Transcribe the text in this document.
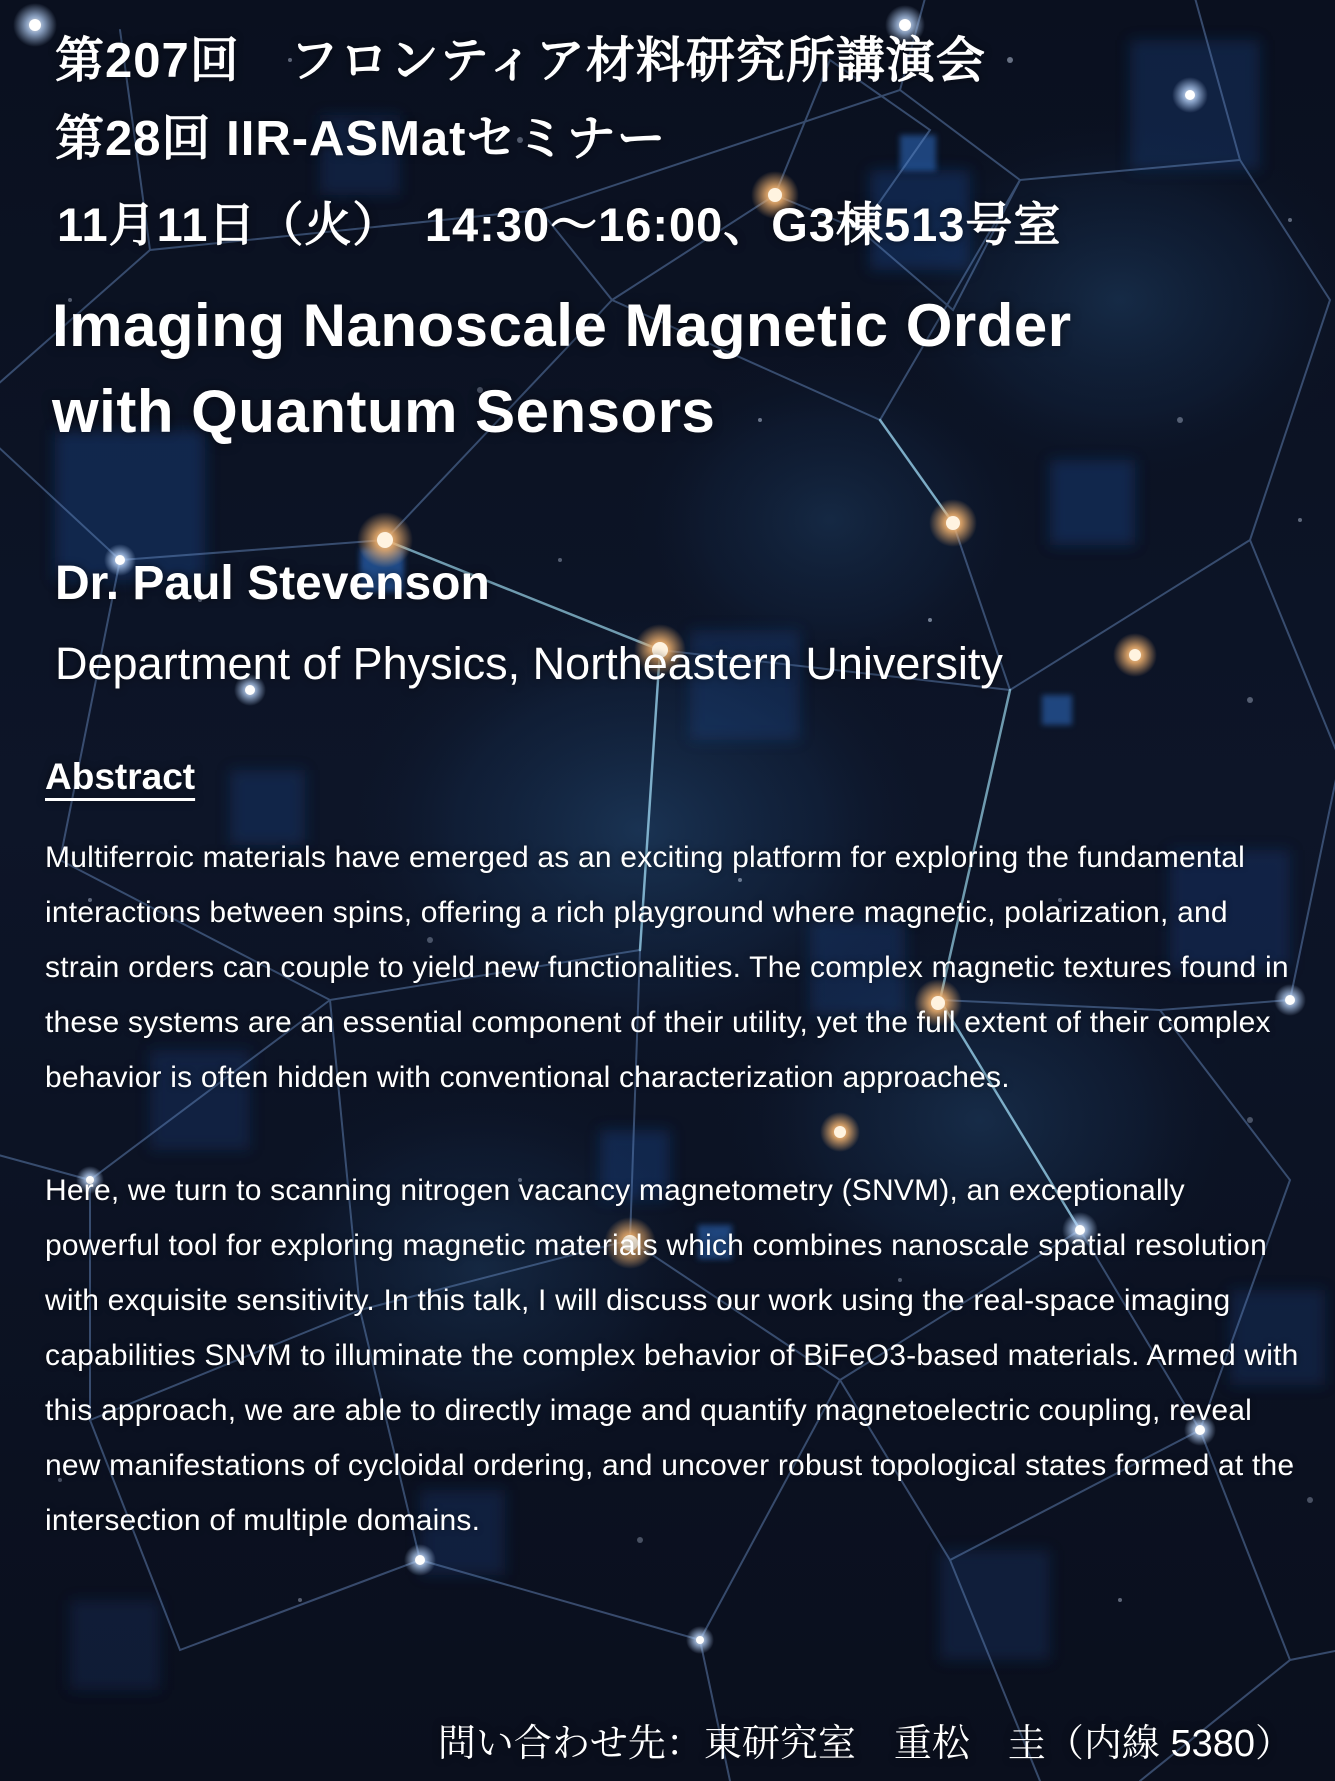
第207回　フロンティア材料研究所講演会
第28回 IIR-ASMatセミナー
11月11日（火）　14:30～16:00、G3棟513号室
Imaging Nanoscale Magnetic Order
with Quantum Sensors
Dr. Paul Stevenson
Department of Physics, Northeastern University
Abstract

Multiferroic materials have emerged as an exciting platform for exploring the fundamental interactions between spins, offering a rich playground where magnetic, polarization, and strain orders can couple to yield new functionalities. The complex magnetic textures found in these systems are an essential component of their utility, yet the full extent of their complex behavior is often hidden with conventional characterization approaches.

Here, we turn to scanning nitrogen vacancy magnetometry (SNVM), an exceptionally powerful tool for exploring magnetic materials which combines nanoscale spatial resolution with exquisite sensitivity. In this talk, I will discuss our work using the real-space imaging capabilities SNVM to illuminate the complex behavior of BiFeO3-based materials. Armed with this approach, we are able to directly image and quantify magnetoelectric coupling, reveal new manifestations of cycloidal ordering, and uncover robust topological states formed at the intersection of multiple domains.

問い合わせ先：東研究室　重松　圭（内線 5380）
